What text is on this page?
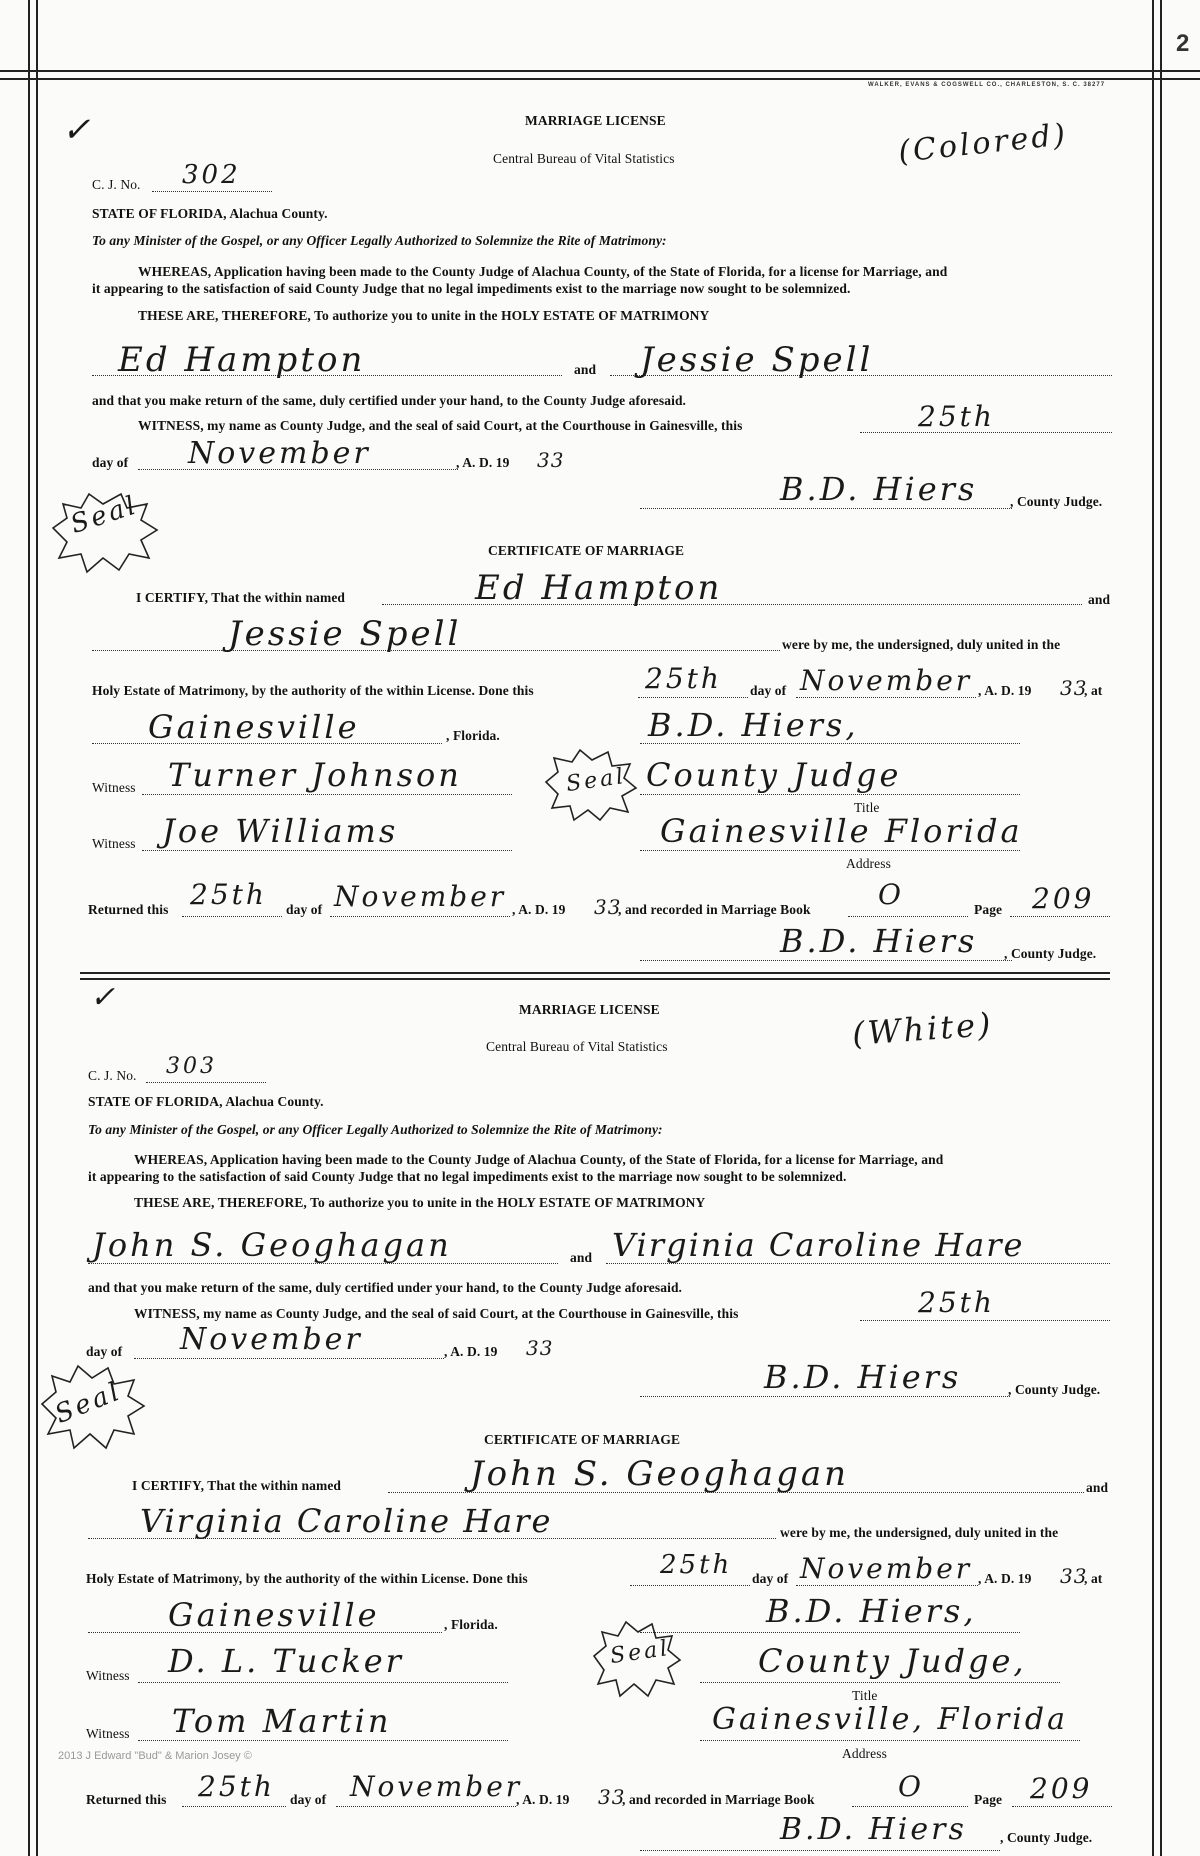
2
WALKER, EVANS & COGSWELL CO., CHARLESTON, S. C. 38277
2013 J Edward "Bud" & Marion Josey ©
✓	MARRIAGE LICENSE
Central Bureau of Vital Statistics	(Colored)
C. J. No. 302
STATE OF FLORIDA, Alachua County.
To any Minister of the Gospel, or any Officer Legally Authorized to Solemnize the Rite of Matrimony:
WHEREAS, Application having been made to the County Judge of Alachua County, of the State of Florida, for a license for Marriage, and
it appearing to the satisfaction of said County Judge that no legal impediments exist to the marriage now sought to be solemnized.
THESE ARE, THEREFORE, To authorize you to unite in the HOLY ESTATE OF MATRIMONY
Ed Hampton	and Jessie Spell
and that you make return of the same, duly certified under your hand, to the County Judge aforesaid.
WITNESS, my name as County Judge, and the seal of said Court, at the Courthouse in Gainesville, this	25th
day of November	, A. D. 19 33
Seal
B.D. Hiers , County Judge.
CERTIFICATE OF MARRIAGE
I CERTIFY, That the within named	Ed Hampton	and
Jessie Spell	were by me, the undersigned, duly united in the
Holy Estate of Matrimony, by the authority of the within License. Done this	25th day of November , A. D. 19 33
, at
Gainesville	, Florida.	B.D. Hiers,
Witness Turner Johnson	Seal County Judge
Title
Witness Joe Williams	Gainesville Florida
Address
Returned this 25th day of November , A. D. 19 33
, and recorded in Marriage Book O	Page 209
B.D. Hiers , County Judge.
✓	MARRIAGE LICENSE
Central Bureau of Vital Statistics	(White)
C. J. No. 303
STATE OF FLORIDA, Alachua County.
To any Minister of the Gospel, or any Officer Legally Authorized to Solemnize the Rite of Matrimony:
WHEREAS, Application having been made to the County Judge of Alachua County, of the State of Florida, for a license for Marriage, and
it appearing to the satisfaction of said County Judge that no legal impediments exist to the marriage now sought to be solemnized.
THESE ARE, THEREFORE, To authorize you to unite in the HOLY ESTATE OF MATRIMONY
John S. Geoghagan	and Virginia Caroline Hare
and that you make return of the same, duly certified under your hand, to the County Judge aforesaid.
WITNESS, my name as County Judge, and the seal of said Court, at the Courthouse in Gainesville, this	25th
day of November	, A. D. 19 33
Seal	B.D. Hiers	, County Judge.
CERTIFICATE OF MARRIAGE
I CERTIFY, That the within named	John S. Geoghagan	and
Virginia Caroline Hare	were by me, the undersigned, duly united in the
Holy Estate of Matrimony, by the authority of the within License. Done this	25th day of November , A. D. 19 33
, at
Gainesville	, Florida.	B.D. Hiers,
Witness D. L. Tucker	Seal	County Judge,
Title
Witness Tom Martin	Gainesville, Florida
Address
Returned this 25th day of November
, A. D. 19 33
, and recorded in Marriage Book	O	Page 209
B.D. Hiers , County Judge.
